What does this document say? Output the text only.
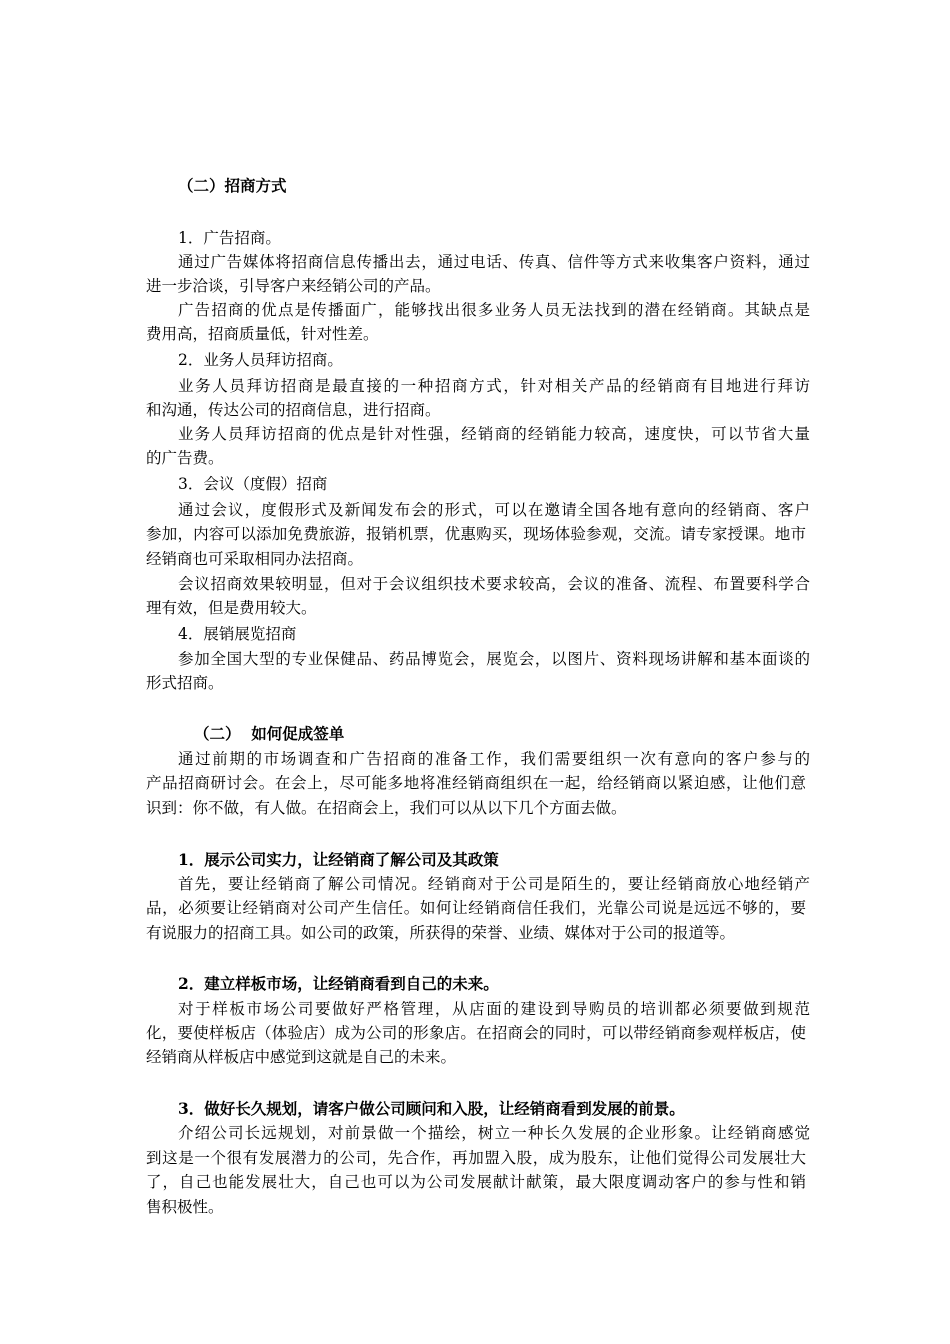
（二）招商方式
1．广告招商。
通过广告媒体将招商信息传播出去，通过电话、传真、信件等方式来收集客户资料，通过
进一步洽谈，引导客户来经销公司的产品。
广告招商的优点是传播面广，能够找出很多业务人员无法找到的潜在经销商。其缺点是
费用高，招商质量低，针对性差。
2．业务人员拜访招商。
业务人员拜访招商是最直接的一种招商方式，针对相关产品的经销商有目地进行拜访
和沟通，传达公司的招商信息，进行招商。
业务人员拜访招商的优点是针对性强，经销商的经销能力较高，速度快，可以节省大量
的广告费。
3．会议（度假）招商
通过会议，度假形式及新闻发布会的形式，可以在邀请全国各地有意向的经销商、客户
参加，内容可以添加免费旅游，报销机票，优惠购买，现场体验参观，交流。请专家授课。地市
经销商也可采取相同办法招商。
会议招商效果较明显，但对于会议组织技术要求较高，会议的准备、流程、布置要科学合
理有效，但是费用较大。
4．展销展览招商
参加全国大型的专业保健品、药品博览会，展览会，以图片、资料现场讲解和基本面谈的
形式招商。
（二）  如何促成签单
通过前期的市场调查和广告招商的准备工作，我们需要组织一次有意向的客户参与的
产品招商研讨会。在会上，尽可能多地将准经销商组织在一起，给经销商以紧迫感，让他们意
识到：你不做，有人做。在招商会上，我们可以从以下几个方面去做。
1．展示公司实力，让经销商了解公司及其政策
首先，要让经销商了解公司情况。经销商对于公司是陌生的，要让经销商放心地经销产
品，必须要让经销商对公司产生信任。如何让经销商信任我们，光靠公司说是远远不够的，要
有说服力的招商工具。如公司的政策，所获得的荣誉、业绩、媒体对于公司的报道等。
2．建立样板市场，让经销商看到自己的未来。
对于样板市场公司要做好严格管理，从店面的建设到导购员的培训都必须要做到规范
化，要使样板店（体验店）成为公司的形象店。在招商会的同时，可以带经销商参观样板店，使
经销商从样板店中感觉到这就是自己的未来。
3．做好长久规划，请客户做公司顾问和入股，让经销商看到发展的前景。
介绍公司长远规划，对前景做一个描绘，树立一种长久发展的企业形象。让经销商感觉
到这是一个很有发展潜力的公司，先合作，再加盟入股，成为股东，让他们觉得公司发展壮大
了，自己也能发展壮大，自己也可以为公司发展献计献策，最大限度调动客户的参与性和销
售积极性。
